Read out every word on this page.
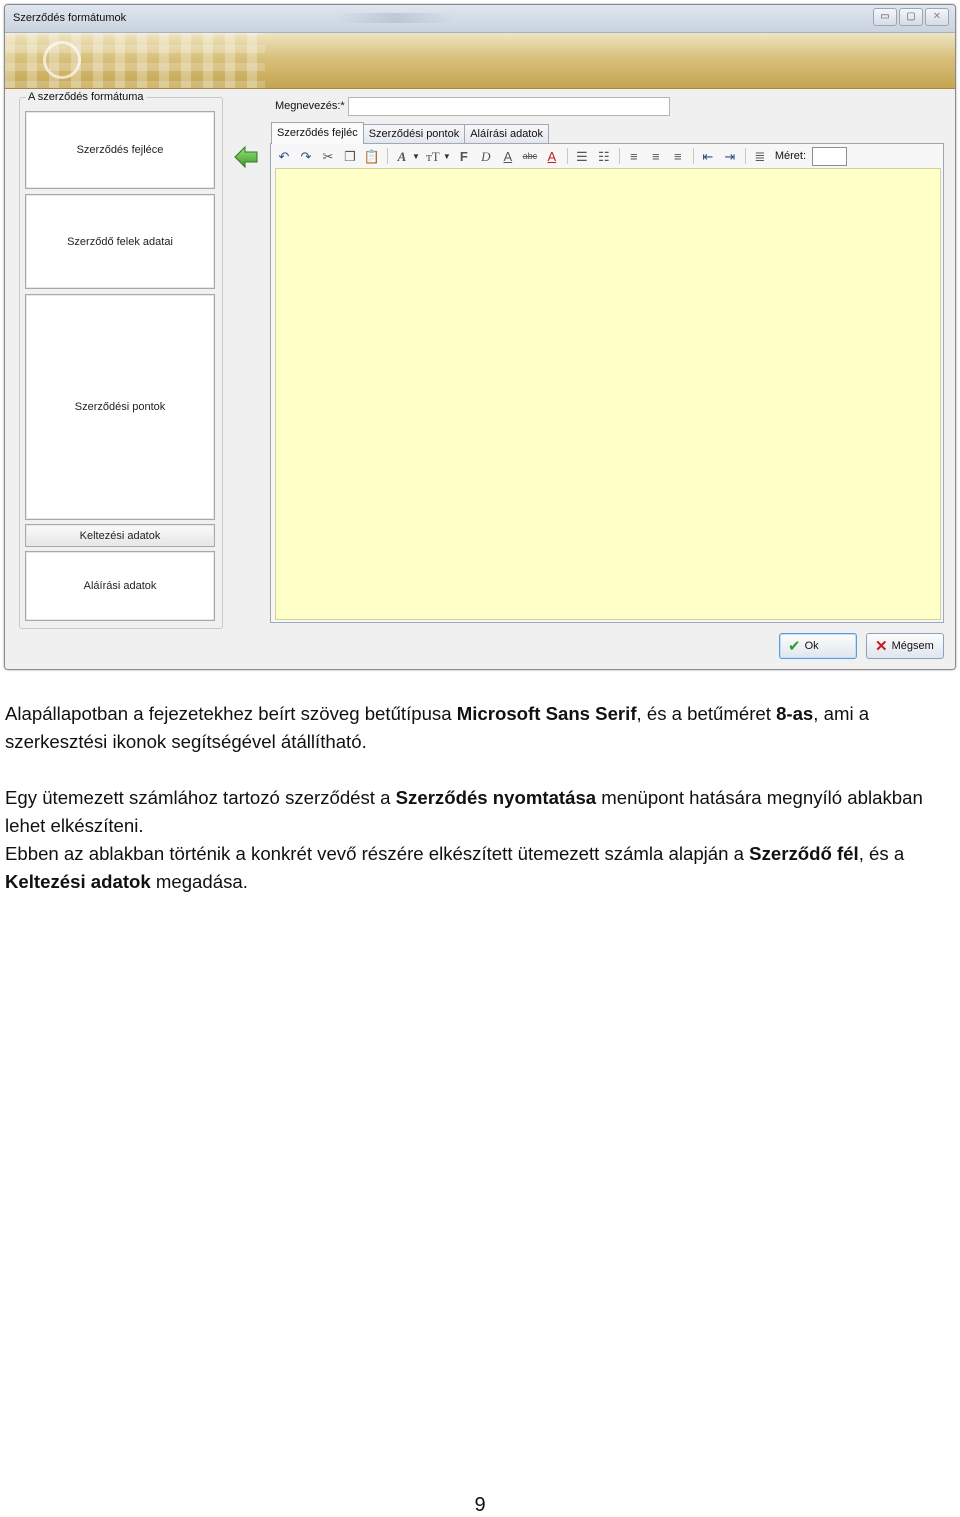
Szerződés formátumok	▭	▢	✕
A szerződés formátuma
Szerződés fejléce
Szerződő felek adatai
Szerződési pontok
Keltezési adatok
Aláírási adatok
Megnevezés:*
Szerződés fejléc	Szerződési pontok	Aláírási adatok
↶ ↷ ✂ ❐ 📋	A ▼ ᴛT ▼ F	D A	abc A	☰ ☷	≡	≡	≡	⇤ ⇥ ≣ Méret:
✔ Ok	✕ Mégsem
Alapállapotban a fejezetekhez beírt szöveg betűtípusa Microsoft Sans Serif, és a betűméret 8-as, ami a szerkesztési ikonok segítségével átállítható.
Egy ütemezett számlához tartozó szerződést a Szerződés nyomtatása menüpont hatására megnyíló ablakban lehet elkészíteni.
Ebben az ablakban történik a konkrét vevő részére elkészített ütemezett számla alapján a Szerződő fél, és a Keltezési adatok megadása.
9
